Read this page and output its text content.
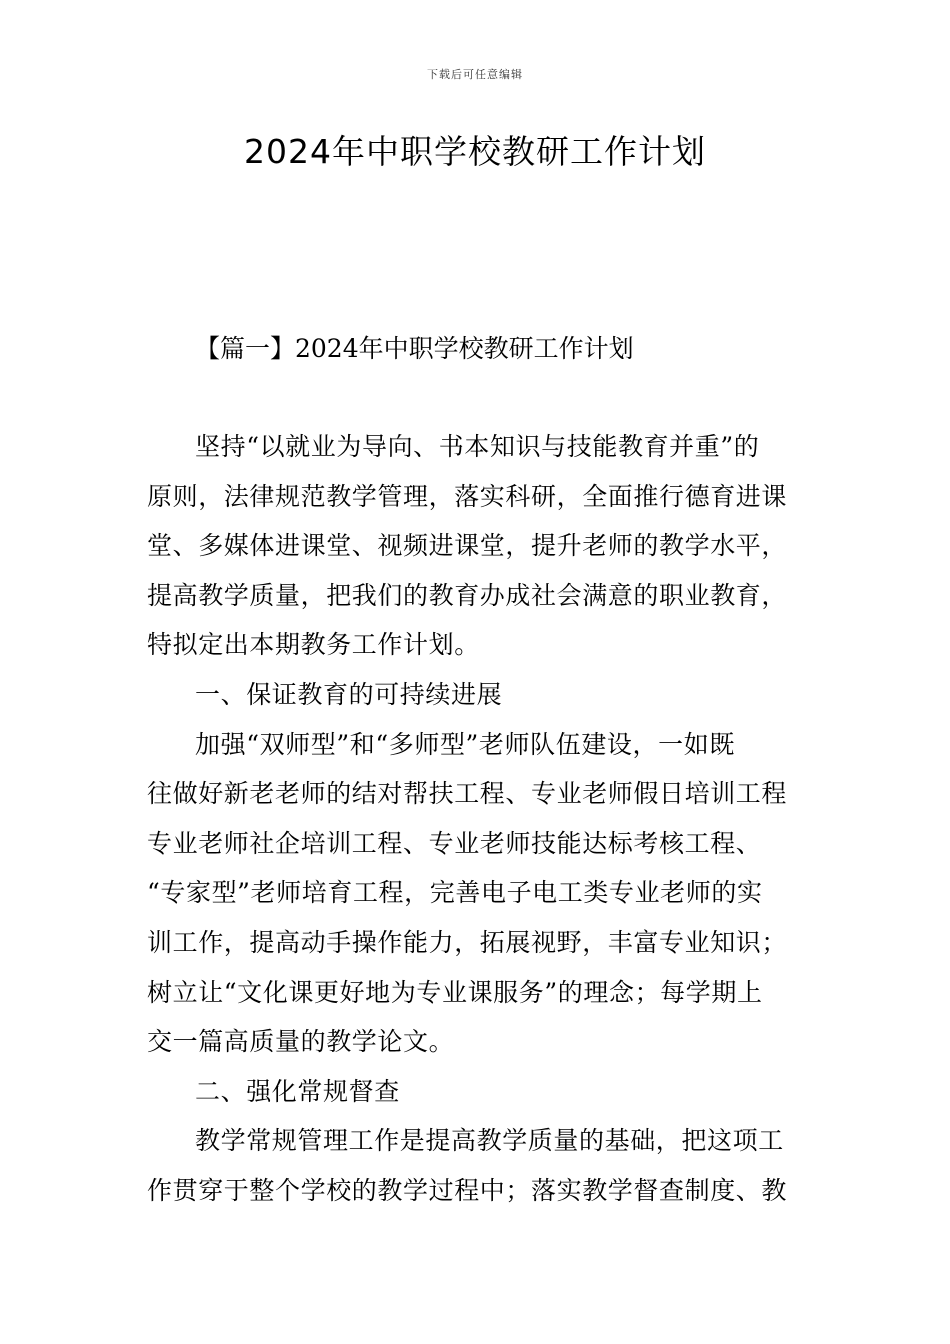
下载后可任意编辑
2024年中职学校教研工作计划
【篇一】2024年中职学校教研工作计划
坚持“以就业为导向、书本知识与技能教育并重”的
原则，法律规范教学管理，落实科研，全面推行德育进课
堂、多媒体进课堂、视频进课堂，提升老师的教学水平，
提高教学质量，把我们的教育办成社会满意的职业教育，
特拟定出本期教务工作计划。
一、保证教育的可持续进展
加强“双师型”和“多师型”老师队伍建设，一如既
往做好新老老师的结对帮扶工程、专业老师假日培训工程
专业老师社企培训工程、专业老师技能达标考核工程、
“专家型”老师培育工程，完善电子电工类专业老师的实
训工作，提高动手操作能力，拓展视野，丰富专业知识；
树立让“文化课更好地为专业课服务”的理念；每学期上
交一篇高质量的教学论文。
二、强化常规督查
教学常规管理工作是提高教学质量的基础，把这项工
作贯穿于整个学校的教学过程中；落实教学督查制度、教
